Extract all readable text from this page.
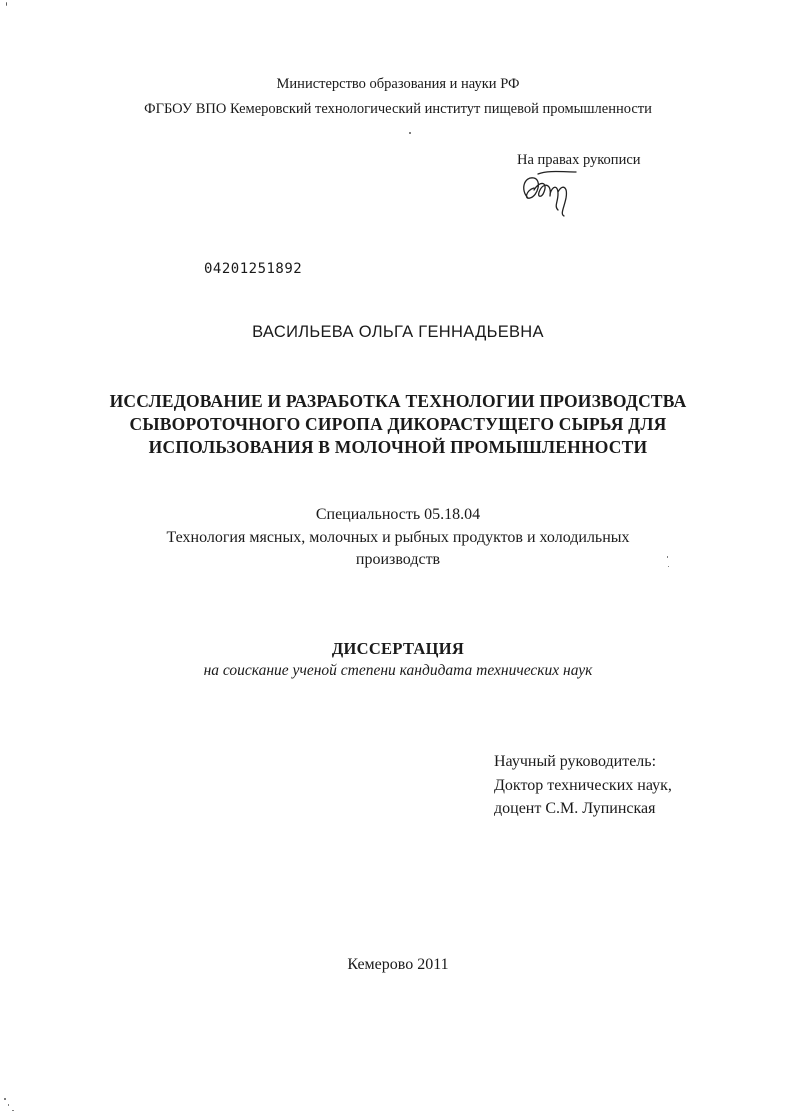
Министерство образования и науки РФ
ФГБОУ ВПО Кемеровский технологический институт пищевой промышленности
На правах рукописи
04201251892
ВАСИЛЬЕВА ОЛЬГА ГЕННАДЬЕВНА
ИССЛЕДОВАНИЕ И РАЗРАБОТКА ТЕХНОЛОГИИ ПРОИЗВОДСТВА
СЫВОРОТОЧНОГО СИРОПА ДИКОРАСТУЩЕГО СЫРЬЯ ДЛЯ
ИСПОЛЬЗОВАНИЯ В МОЛОЧНОЙ ПРОМЫШЛЕННОСТИ
Специальность 05.18.04
Технология мясных, молочных и рыбных продуктов и холодильных
производств
ДИССЕРТАЦИЯ
на соискание ученой степени кандидата технических наук
Научный руководитель:
Доктор технических наук,
доцент С.М. Лупинская
Кемерово 2011
